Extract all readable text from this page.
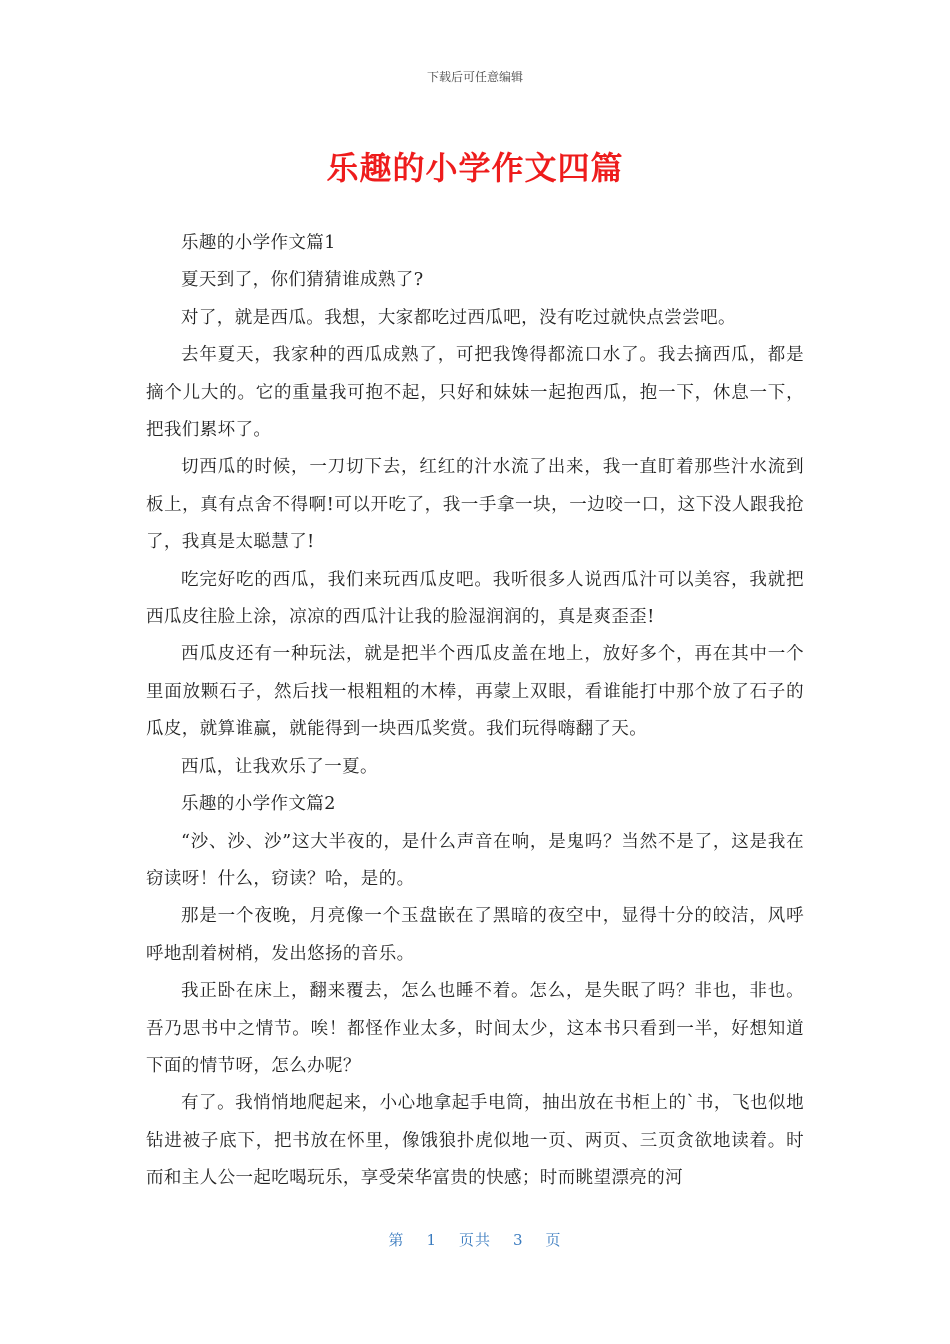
下载后可任意编辑
乐趣的小学作文四篇

乐趣的小学作文篇1

夏天到了，你们猜猜谁成熟了?

对了，就是西瓜。我想，大家都吃过西瓜吧，没有吃过就快点尝尝吧。

去年夏天，我家种的西瓜成熟了，可把我馋得都流口水了。我去摘西瓜，都是摘个儿大的。它的重量我可抱不起，只好和妹妹一起抱西瓜，抱一下，休息一下，把我们累坏了。

切西瓜的时候，一刀切下去，红红的汁水流了出来，我一直盯着那些汁水流到板上，真有点舍不得啊!可以开吃了，我一手拿一块，一边咬一口，这下没人跟我抢了，我真是太聪慧了!

吃完好吃的西瓜，我们来玩西瓜皮吧。我听很多人说西瓜汁可以美容，我就把西瓜皮往脸上涂，凉凉的西瓜汁让我的脸湿润润的，真是爽歪歪!

西瓜皮还有一种玩法，就是把半个西瓜皮盖在地上，放好多个，再在其中一个里面放颗石子，然后找一根粗粗的木棒，再蒙上双眼，看谁能打中那个放了石子的瓜皮，就算谁赢，就能得到一块西瓜奖赏。我们玩得嗨翻了天。

西瓜，让我欢乐了一夏。

乐趣的小学作文篇2

“沙、沙、沙”这大半夜的，是什么声音在响，是鬼吗？当然不是了，这是我在窃读呀！什么，窃读？哈，是的。

那是一个夜晚，月亮像一个玉盘嵌在了黑暗的夜空中，显得十分的皎洁，风呼呼地刮着树梢，发出悠扬的音乐。

我正卧在床上，翻来覆去，怎么也睡不着。怎么，是失眠了吗？非也，非也。吾乃思书中之情节。唉！都怪作业太多，时间太少，这本书只看到一半，好想知道下面的情节呀，怎么办呢？

有了。我悄悄地爬起来，小心地拿起手电筒，抽出放在书柜上的`书，飞也似地钻进被子底下，把书放在怀里，像饿狼扑虎似地一页、两页、三页贪欲地读着。时而和主人公一起吃喝玩乐，享受荣华富贵的快感；时而眺望漂亮的河

第 1 页共 3 页
